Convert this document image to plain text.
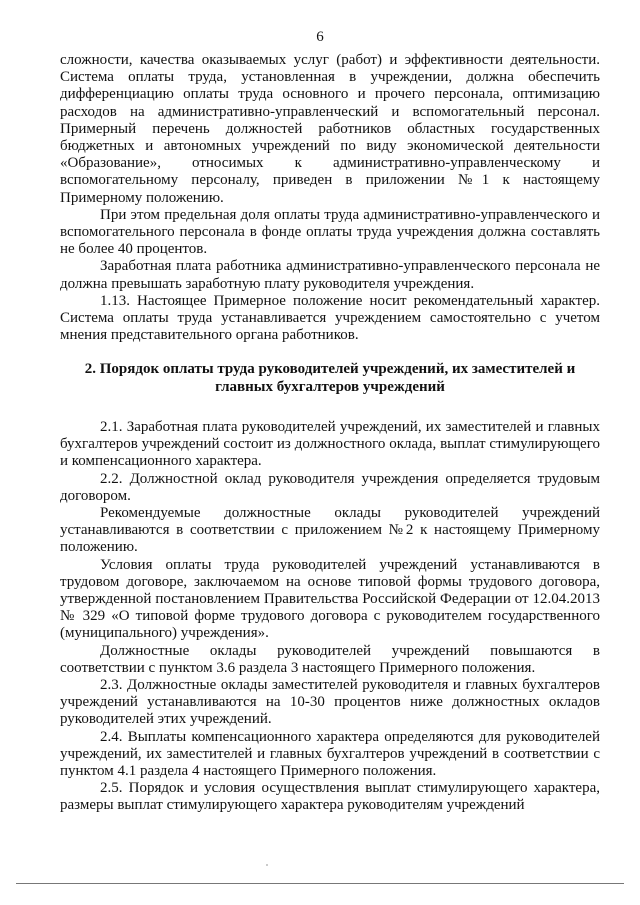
6

сложности, качества оказываемых услуг (работ) и эффективности деятельности. Система оплаты труда, установленная в учреждении, должна обеспечить дифференциацию оплаты труда основного и прочего персонала, оптимизацию расходов на административно-управленческий и вспомогательный персонал. Примерный перечень должностей работников областных государственных бюджетных и автономных учреждений по виду экономической деятельности «Образование», относимых к административно-управленческому и вспомогательному персоналу, приведен в приложении №1 к настоящему Примерному положению.

При этом предельная доля оплаты труда административно-управленческого и вспомогательного персонала в фонде оплаты труда учреждения должна составлять не более 40 процентов.

Заработная плата работника административно-управленческого персонала не должна превышать заработную плату руководителя учреждения.

1.13. Настоящее Примерное положение носит рекомендательный характер. Система оплаты труда устанавливается учреждением самостоятельно с учетом мнения представительного органа работников.

2. Порядок оплаты труда руководителей учреждений, их заместителей и
главных бухгалтеров учреждений

2.1. Заработная плата руководителей учреждений, их заместителей и главных бухгалтеров учреждений состоит из должностного оклада, выплат стимулирующего и компенсационного характера.

2.2. Должностной оклад руководителя учреждения определяется трудовым договором.

Рекомендуемые должностные оклады руководителей учреждений устанавливаются в соответствии с приложением №2 к настоящему Примерному положению.

Условия оплаты труда руководителей учреждений устанавливаются в трудовом договоре, заключаемом на основе типовой формы трудового договора, утвержденной постановлением Правительства Российской Федерации от 12.04.2013 № 329 «О типовой форме трудового договора с руководителем государственного (муниципального) учреждения».

Должностные оклады руководителей учреждений повышаются в соответствии с пунктом 3.6 раздела 3 настоящего Примерного положения.

2.3. Должностные оклады заместителей руководителя и главных бухгалтеров учреждений устанавливаются на 10-30 процентов ниже должностных окладов руководителей этих учреждений.

2.4. Выплаты компенсационного характера определяются для руководителей учреждений, их заместителей и главных бухгалтеров учреждений в соответствии с пунктом 4.1 раздела 4 настоящего Примерного положения.

2.5. Порядок и условия осуществления выплат стимулирующего характера, размеры выплат стимулирующего характера руководителям учреждений
